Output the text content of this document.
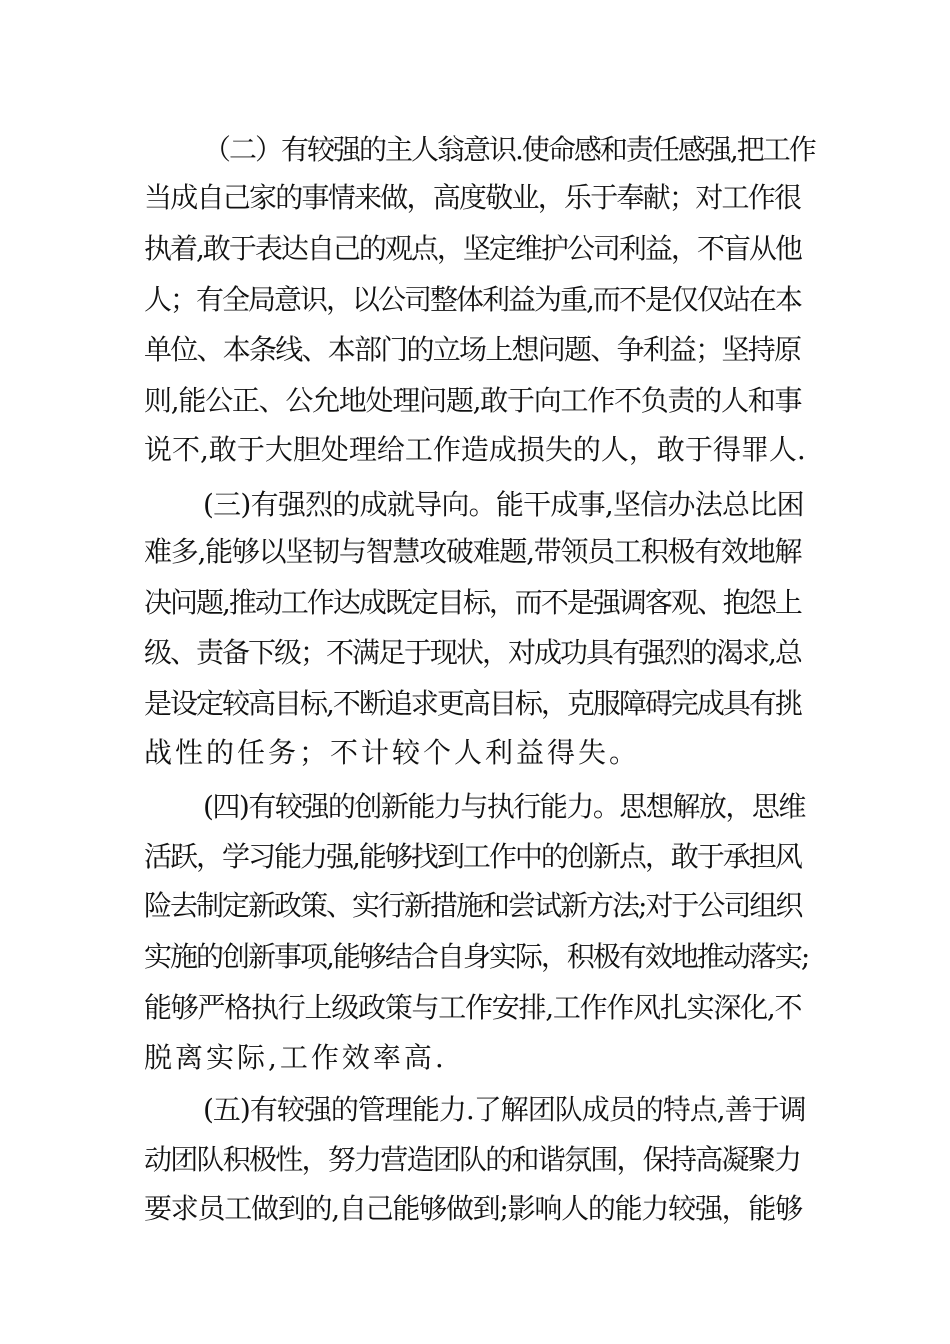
（二）有较强的主人翁意识.使命感和责任感强,把工作
当成自己家的事情来做，高度敬业，乐于奉献；对工作很
执着,敢于表达自己的观点，坚定维护公司利益，不盲从他
人；有全局意识，以公司整体利益为重,而不是仅仅站在本
单位、本条线、本部门的立场上想问题、争利益；坚持原
则,能公正、公允地处理问题,敢于向工作不负责的人和事
说不,敢于大胆处理给工作造成损失的人，敢于得罪人.
(三)有强烈的成就导向。能干成事,坚信办法总比困
难多,能够以坚韧与智慧攻破难题,带领员工积极有效地解
决问题,推动工作达成既定目标，而不是强调客观、抱怨上
级、责备下级；不满足于现状，对成功具有强烈的渴求,总
是设定较高目标,不断追求更高目标，克服障碍完成具有挑
战性的任务；不计较个人利益得失。
(四)有较强的创新能力与执行能力。思想解放，思维
活跃，学习能力强,能够找到工作中的创新点，敢于承担风
险去制定新政策、实行新措施和尝试新方法;对于公司组织
实施的创新事项,能够结合自身实际，积极有效地推动落实;
能够严格执行上级政策与工作安排,工作作风扎实深化,不
脱离实际,工作效率高.
(五)有较强的管理能力.了解团队成员的特点,善于调
动团队积极性，努力营造团队的和谐氛围，保持高凝聚力
要求员工做到的,自己能够做到;影响人的能力较强，能够
